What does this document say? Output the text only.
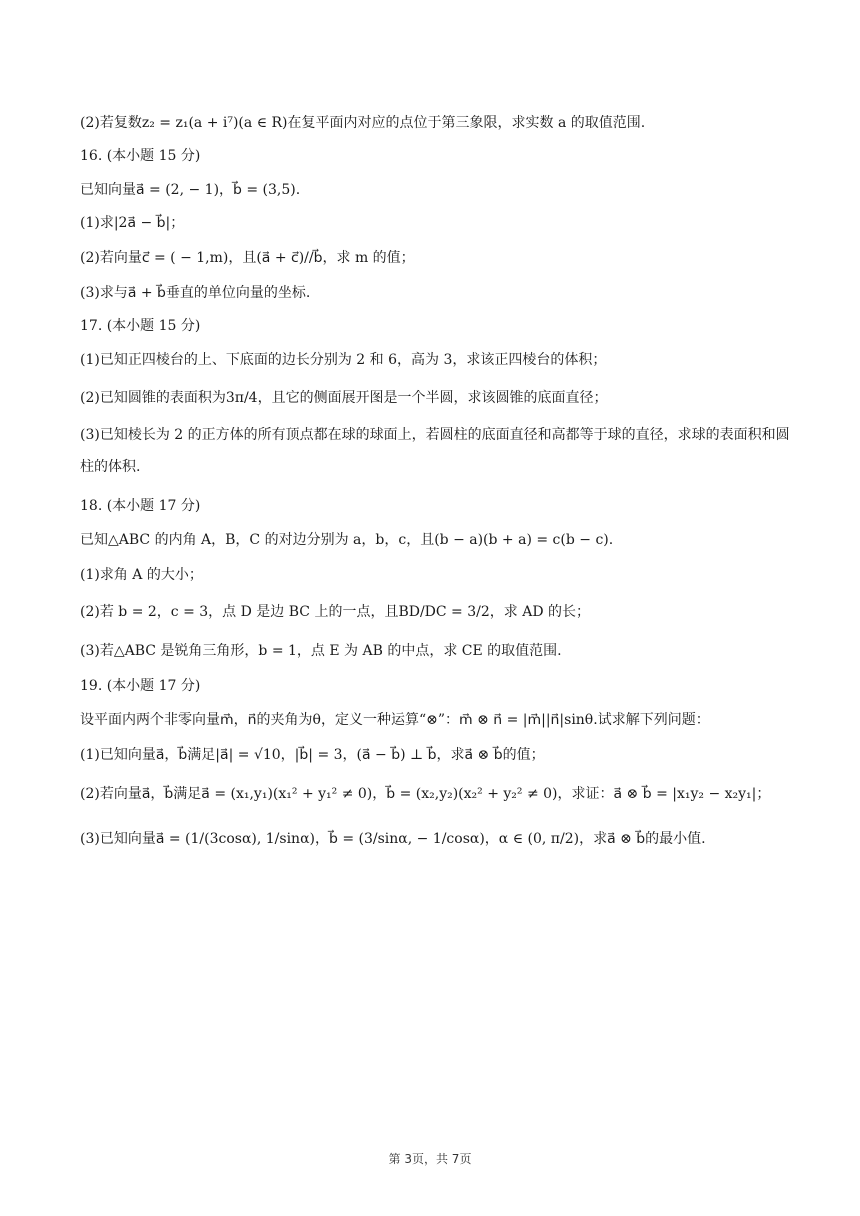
(2)若复数z₂ = z₁(a + i⁷)(a ∈ R)在复平面内对应的点位于第三象限，求实数 a 的取值范围.
16. (本小题 15 分)
已知向量a⃗ = (2, − 1)，b⃗ = (3,5).
(1)求|2a⃗ − b⃗|；
(2)若向量c⃗ = ( − 1,m)，且(a⃗ + c⃗)//b⃗，求 m 的值；
(3)求与a⃗ + b⃗垂直的单位向量的坐标.
17. (本小题 15 分)
(1)已知正四棱台的上、下底面的边长分别为 2 和 6，高为 3，求该正四棱台的体积；
(2)已知圆锥的表面积为3π/4，且它的侧面展开图是一个半圆，求该圆锥的底面直径；
(3)已知棱长为 2 的正方体的所有顶点都在球的球面上，若圆柱的底面直径和高都等于球的直径，求球的表面积和圆柱的体积.
18. (本小题 17 分)
已知△ABC 的内角 A，B，C 的对边分别为 a，b，c，且(b − a)(b + a) = c(b − c).
(1)求角 A 的大小；
(2)若 b = 2，c = 3，点 D 是边 BC 上的一点，且BD/DC = 3/2，求 AD 的长；
(3)若△ABC 是锐角三角形，b = 1，点 E 为 AB 的中点，求 CE 的取值范围.
19. (本小题 17 分)
设平面内两个非零向量m⃗，n⃗的夹角为θ，定义一种运算“⊗”：m⃗ ⊗ n⃗ = |m⃗||n⃗|sinθ.试求解下列问题：
(1)已知向量a⃗，b⃗满足|a⃗| = √10，|b⃗| = 3，(a⃗ − b⃗) ⊥ b⃗，求a⃗ ⊗ b⃗的值；
(2)若向量a⃗，b⃗满足a⃗ = (x₁,y₁)(x₁² + y₁² ≠ 0)，b⃗ = (x₂,y₂)(x₂² + y₂² ≠ 0)，求证：a⃗ ⊗ b⃗ = |x₁y₂ − x₂y₁|；
(3)已知向量a⃗ = (1/(3cosα), 1/sinα)，b⃗ = (3/sinα, − 1/cosα)，α ∈ (0, π/2)，求a⃗ ⊗ b⃗的最小值.
第 3页，共 7页
